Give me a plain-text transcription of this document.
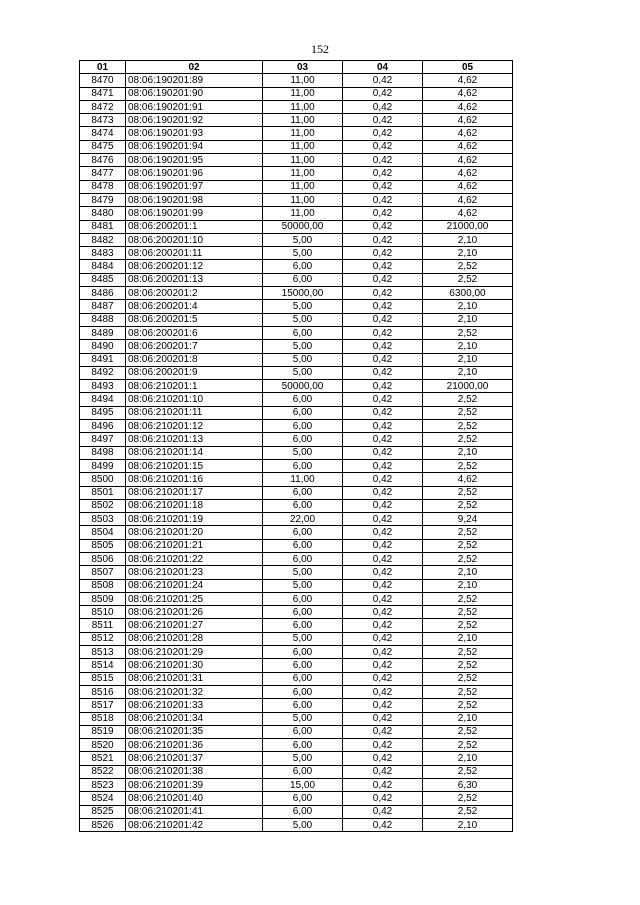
152
01	02	03	04	05
8470	08:06:190201:89	11,00	0,42	4,62
8471	08:06:190201:90	11,00	0,42	4,62
8472	08:06:190201:91	11,00	0,42	4,62
8473	08:06:190201:92	11,00	0,42	4,62
8474	08:06:190201:93	11,00	0,42	4,62
8475	08:06:190201:94	11,00	0,42	4,62
8476	08:06:190201:95	11,00	0,42	4,62
8477	08:06:190201:96	11,00	0,42	4,62
8478	08:06:190201:97	11,00	0,42	4,62
8479	08:06:190201:98	11,00	0,42	4,62
8480	08:06:190201:99	11,00	0,42	4,62
8481	08:06:200201:1	50000,00	0,42	21000,00
8482	08:06:200201:10	5,00	0,42	2,10
8483	08:06:200201:11	5,00	0,42	2,10
8484	08:06:200201:12	6,00	0,42	2,52
8485	08:06:200201:13	6,00	0,42	2,52
8486	08:06:200201:2	15000,00	0,42	6300,00
8487	08:06:200201:4	5,00	0,42	2,10
8488	08:06:200201:5	5,00	0,42	2,10
8489	08:06:200201:6	6,00	0,42	2,52
8490	08:06:200201:7	5,00	0,42	2,10
8491	08:06:200201:8	5,00	0,42	2,10
8492	08:06:200201:9	5,00	0,42	2,10
8493	08:06:210201:1	50000,00	0,42	21000,00
8494	08:06:210201:10	6,00	0,42	2,52
8495	08:06:210201:11	6,00	0,42	2,52
8496	08:06:210201:12	6,00	0,42	2,52
8497	08:06:210201:13	6,00	0,42	2,52
8498	08:06:210201:14	5,00	0,42	2,10
8499	08:06:210201:15	6,00	0,42	2,52
8500	08:06:210201:16	11,00	0,42	4,62
8501	08:06:210201:17	6,00	0,42	2,52
8502	08:06:210201:18	6,00	0,42	2,52
8503	08:06:210201:19	22,00	0,42	9,24
8504	08:06:210201:20	6,00	0,42	2,52
8505	08:06:210201:21	6,00	0,42	2,52
8506	08:06:210201:22	6,00	0,42	2,52
8507	08:06:210201:23	5,00	0,42	2,10
8508	08:06:210201:24	5,00	0,42	2,10
8509	08:06:210201:25	6,00	0,42	2,52
8510	08:06:210201:26	6,00	0,42	2,52
8511	08:06:210201:27	6,00	0,42	2,52
8512	08:06:210201:28	5,00	0,42	2,10
8513	08:06:210201:29	6,00	0,42	2,52
8514	08:06:210201:30	6,00	0,42	2,52
8515	08:06:210201:31	6,00	0,42	2,52
8516	08:06:210201:32	6,00	0,42	2,52
8517	08:06:210201:33	6,00	0,42	2,52
8518	08:06:210201:34	5,00	0,42	2,10
8519	08:06:210201:35	6,00	0,42	2,52
8520	08:06:210201:36	6,00	0,42	2,52
8521	08:06:210201:37	5,00	0,42	2,10
8522	08:06:210201:38	6,00	0,42	2,52
8523	08:06:210201:39	15,00	0,42	6,30
8524	08:06:210201:40	6,00	0,42	2,52
8525	08:06:210201:41	6,00	0,42	2,52
8526	08:06:210201:42	5,00	0,42	2,10
